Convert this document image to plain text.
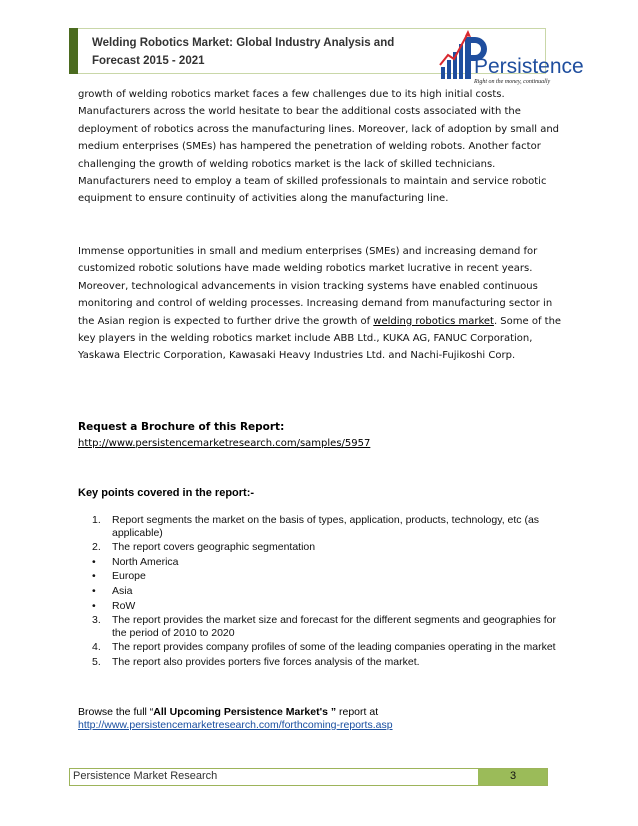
Welding Robotics Market: Global Industry Analysis and
Forecast 2015 - 2021	Persistence
Right on the money, continually

growth of welding robotics market faces a few challenges due to its high initial costs. Manufacturers across the world hesitate to bear the additional costs associated with the deployment of robotics across the manufacturing lines. Moreover, lack of adoption by small and medium enterprises (SMEs) has hampered the penetration of welding robots. Another factor challenging the growth of welding robotics market is the lack of skilled technicians. Manufacturers need to employ a team of skilled professionals to maintain and service robotic equipment to ensure continuity of activities along the manufacturing line.

Immense opportunities in small and medium enterprises (SMEs) and increasing demand for customized robotic solutions have made welding robotics market lucrative in recent years. Moreover, technological advancements in vision tracking systems have enabled continuous monitoring and control of welding processes. Increasing demand from manufacturing sector in the Asian region is expected to further drive the growth of welding robotics market. Some of the key players in the welding robotics market include ABB Ltd., KUKA AG, FANUC Corporation, Yaskawa Electric Corporation, Kawasaki Heavy Industries Ltd. and Nachi-Fujikoshi Corp.

Request a Brochure of this Report:
http://www.persistencemarketresearch.com/samples/5957
Key points covered in the report:-
1. Report segments the market on the basis of types, application, products, technology, etc (as applicable)
2. The report covers geographic segmentation
• North America
• Europe
• Asia
• RoW
3. The report provides the market size and forecast for the different segments and geographies for the period of 2010 to 2020
4. The report provides company profiles of some of the leading companies operating in the market
5. The report also provides porters five forces analysis of the market.
Browse the full “All Upcoming Persistence Market's ” report at
http://www.persistencemarketresearch.com/forthcoming-reports.asp
Persistence Market Research	3
